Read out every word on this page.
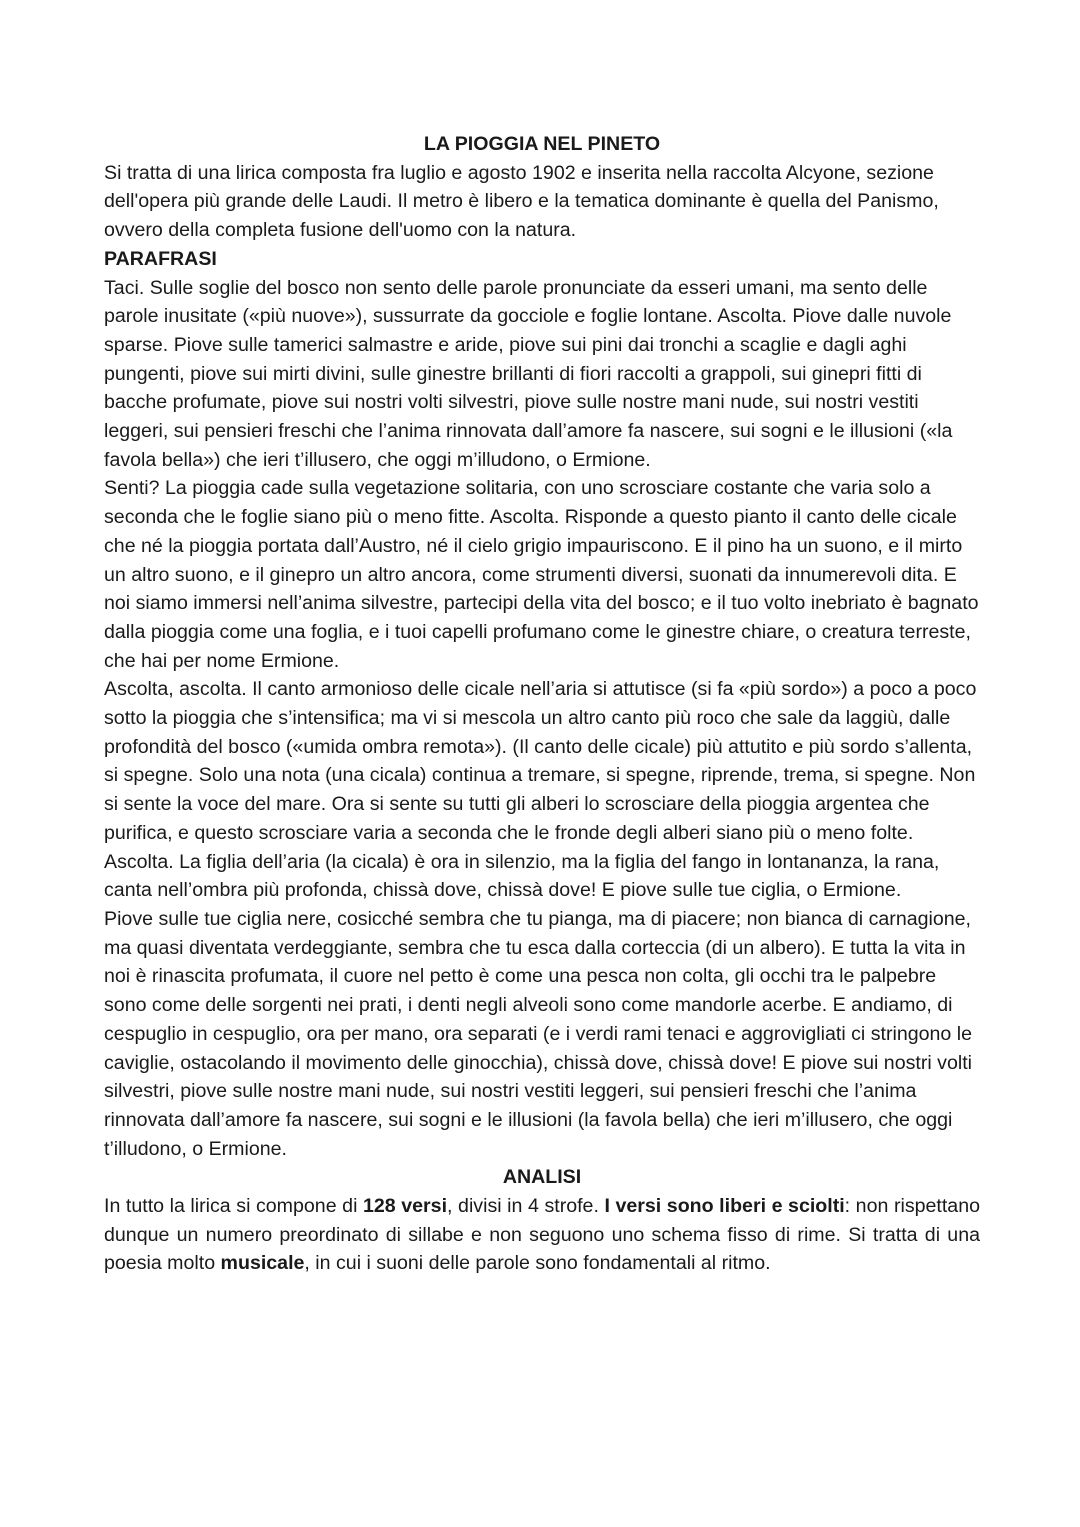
LA PIOGGIA NEL PINETO

Si tratta di una lirica composta fra luglio e agosto 1902 e inserita nella raccolta Alcyone, sezione dell'opera più grande delle Laudi. Il metro è libero e la tematica dominante è quella del Panismo, ovvero della completa fusione dell'uomo con la natura.

PARAFRASI

Taci. Sulle soglie del bosco non sento delle parole pronunciate da esseri umani, ma sento delle parole inusitate («più nuove»), sussurrate da gocciole e foglie lontane. Ascolta. Piove dalle nuvole sparse. Piove sulle tamerici salmastre e aride, piove sui pini dai tronchi a scaglie e dagli aghi pungenti, piove sui mirti divini, sulle ginestre brillanti di fiori raccolti a grappoli, sui ginepri fitti di bacche profumate, piove sui nostri volti silvestri, piove sulle nostre mani nude, sui nostri vestiti leggeri, sui pensieri freschi che l’anima rinnovata dall’amore fa nascere, sui sogni e le illusioni («la favola bella») che ieri t’illusero, che oggi m’illudono, o Ermione.

Senti? La pioggia cade sulla vegetazione solitaria, con uno scrosciare costante che varia solo a seconda che le foglie siano più o meno fitte. Ascolta. Risponde a questo pianto il canto delle cicale che né la pioggia portata dall’Austro, né il cielo grigio impauriscono. E il pino ha un suono, e il mirto un altro suono, e il ginepro un altro ancora, come strumenti diversi, suonati da innumerevoli dita. E noi siamo immersi nell’anima silvestre, partecipi della vita del bosco; e il tuo volto inebriato è bagnato dalla pioggia come una foglia, e i tuoi capelli profumano come le ginestre chiare, o creatura terreste, che hai per nome Ermione.

Ascolta, ascolta. Il canto armonioso delle cicale nell’aria si attutisce (si fa «più sordo») a poco a poco sotto la pioggia che s’intensifica; ma vi si mescola un altro canto più roco che sale da laggiù, dalle profondità del bosco («umida ombra remota»). (Il canto delle cicale) più attutito e più sordo s’allenta, si spegne. Solo una nota (una cicala) continua a tremare, si spegne, riprende, trema, si spegne. Non si sente la voce del mare. Ora si sente su tutti gli alberi lo scrosciare della pioggia argentea che purifica, e questo scrosciare varia a seconda che le fronde degli alberi siano più o meno folte. Ascolta. La figlia dell’aria (la cicala) è ora in silenzio, ma la figlia del fango in lontananza, la rana, canta nell’ombra più profonda, chissà dove, chissà dove! E piove sulle tue ciglia, o Ermione.

Piove sulle tue ciglia nere, cosicché sembra che tu pianga, ma di piacere; non bianca di carnagione, ma quasi diventata verdeggiante, sembra che tu esca dalla corteccia (di un albero). E tutta la vita in noi è rinascita profumata, il cuore nel petto è come una pesca non colta, gli occhi tra le palpebre sono come delle sorgenti nei prati, i denti negli alveoli sono come mandorle acerbe. E andiamo, di cespuglio in cespuglio, ora per mano, ora separati (e i verdi rami tenaci e aggrovigliati ci stringono le caviglie, ostacolando il movimento delle ginocchia), chissà dove, chissà dove! E piove sui nostri volti silvestri, piove sulle nostre mani nude, sui nostri vestiti leggeri, sui pensieri freschi che l’anima rinnovata dall’amore fa nascere, sui sogni e le illusioni (la favola bella) che ieri m’illusero, che oggi t’illudono, o Ermione.

ANALISI

In tutto la lirica si compone di 128 versi, divisi in 4 strofe. I versi sono liberi e sciolti: non rispettano dunque un numero preordinato di sillabe e non seguono uno schema fisso di rime. Si tratta di una poesia molto musicale, in cui i suoni delle parole sono fondamentali al ritmo.
